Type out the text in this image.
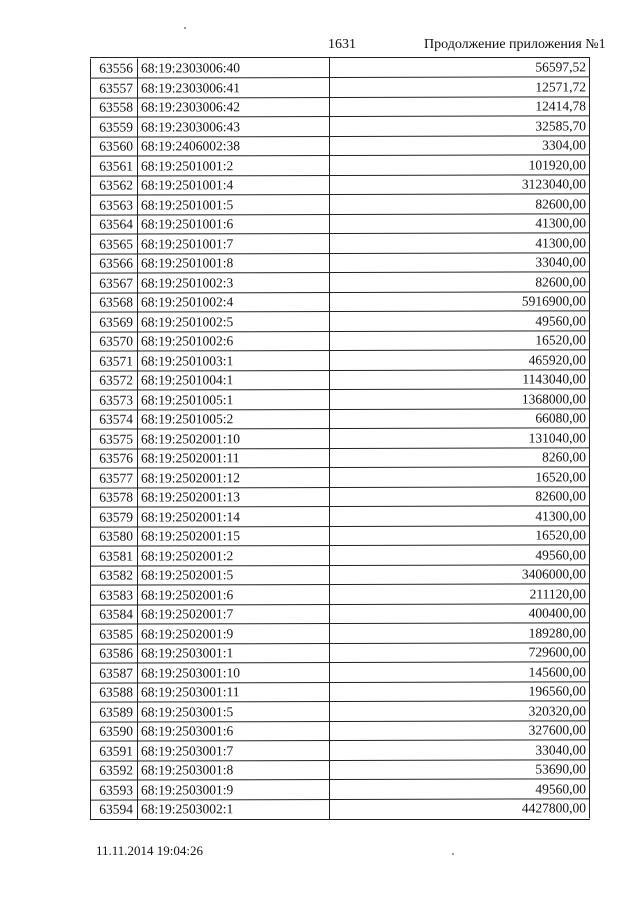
1631	Продолжение приложения №1
63556 68:19:2303006:40	56597,52
63557 68:19:2303006:41	12571,72
63558 68:19:2303006:42	12414,78
63559 68:19:2303006:43	32585,70
63560 68:19:2406002:38	3304,00
63561 68:19:2501001:2	101920,00
63562 68:19:2501001:4	3123040,00
63563 68:19:2501001:5	82600,00
63564 68:19:2501001:6	41300,00
63565 68:19:2501001:7	41300,00
63566 68:19:2501001:8	33040,00
63567 68:19:2501002:3	82600,00
63568 68:19:2501002:4	5916900,00
63569 68:19:2501002:5	49560,00
63570 68:19:2501002:6	16520,00
63571 68:19:2501003:1	465920,00
63572 68:19:2501004:1	1143040,00
63573 68:19:2501005:1	1368000,00
63574 68:19:2501005:2	66080,00
63575 68:19:2502001:10	131040,00
63576 68:19:2502001:11	8260,00
63577 68:19:2502001:12	16520,00
63578 68:19:2502001:13	82600,00
63579 68:19:2502001:14	41300,00
63580 68:19:2502001:15	16520,00
63581 68:19:2502001:2	49560,00
63582 68:19:2502001:5	3406000,00
63583 68:19:2502001:6	211120,00
63584 68:19:2502001:7	400400,00
63585 68:19:2502001:9	189280,00
63586 68:19:2503001:1	729600,00
63587 68:19:2503001:10	145600,00
63588 68:19:2503001:11	196560,00
63589 68:19:2503001:5	320320,00
63590 68:19:2503001:6	327600,00
63591 68:19:2503001:7	33040,00
63592 68:19:2503001:8	53690,00
63593 68:19:2503001:9	49560,00
63594 68:19:2503002:1	4427800,00
11.11.2014 19:04:26
